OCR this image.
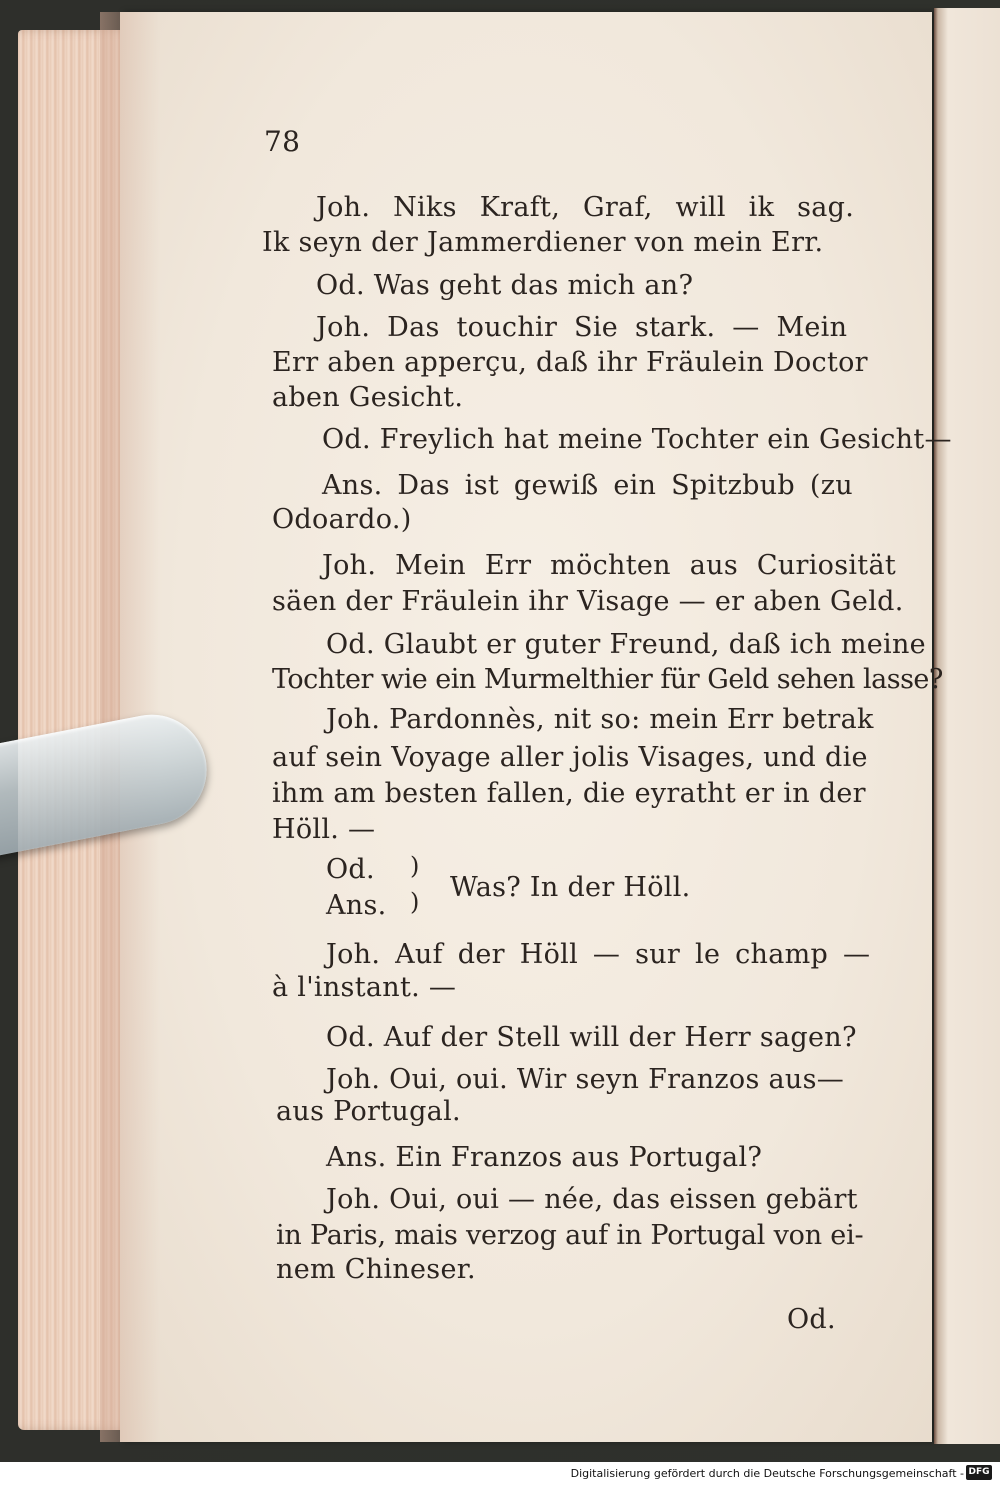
78
Joh. Niks Kraft, Graf, will ik sag.
Ik seyn der Jammerdiener von mein Err.
Od. Was geht das mich an?
Joh. Das touchir Sie stark. — Mein
Err aben apperçu, daß ihr Fräulein Doctor
aben Gesicht.
Od. Freylich hat meine Tochter ein Gesicht—
Ans. Das ist gewiß ein Spitzbub (zu
Odoardo.)
Joh. Mein Err möchten aus Curiosität
säen der Fräulein ihr Visage — er aben Geld.
Od. Glaubt er guter Freund, daß ich meine
Tochter wie ein Murmelthier für Geld sehen lasse?
Joh. Pardonnès, nit so: mein Err betrak
auf sein Voyage aller jolis Visages, und die
ihm am besten fallen, die eyratht er in der
Höll. —
Od.
Ans.
)
) Was? In der Höll.
Joh. Auf der Höll — sur le champ —
à l'instant. —
Od. Auf der Stell will der Herr sagen?
Joh. Oui, oui. Wir seyn Franzos aus—
aus Portugal.
Ans. Ein Franzos aus Portugal?
Joh. Oui, oui — née, das eissen gebärt
in Paris, mais verzog auf in Portugal von ei-
nem Chineser.
Od.
Digitalisierung gefördert durch die Deutsche Forschungsgemeinschaft - DFG
